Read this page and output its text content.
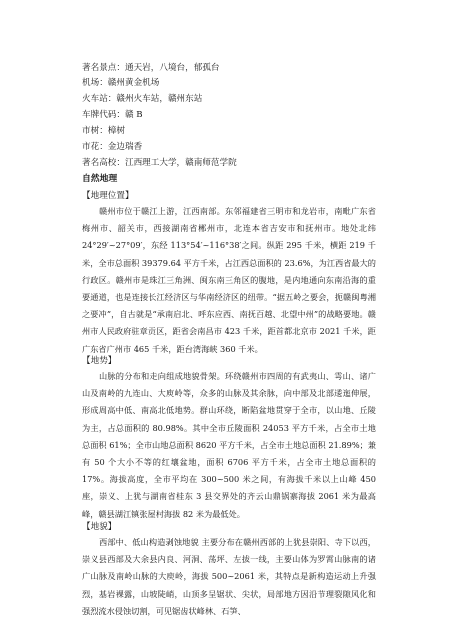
著名景点：通天岩，八境台，郁孤台
机场：赣州黄金机场
火车站：赣州火车站，赣州东站
车牌代码：赣 B
市树：樟树
市花：金边瑞香
著名高校：江西理工大学，赣南师范学院
自然地理
【地理位置】

赣州市位于赣江上游，江西南部。东邻福建省三明市和龙岩市，南毗广东省梅州市、韶关市，西接湖南省郴州市，北连本省吉安市和抚州市。地处北纬 24°29′~27°09′，东经 113°54′~116°38′之间。纵距 295 千米，横距 219 千米，全市总面积 39379.64 平方千米，占江西总面积的 23.6%，为江西省最大的行政区。赣州市是珠江三角洲、闽东南三角区的腹地，是内地通向东南沿海的重要通道，也是连接长江经济区与华南经济区的纽带。“据五岭之要会，扼赣闽粤湘之要冲”，自古就是“承南启北、呼东应西、南抚百越、北望中州”的战略要地。赣州市人民政府驻章贡区，距省会南昌市 423 千米，距首都北京市 2021 千米，距广东省广州市 465 千米，距台湾海峡 360 千米。

【地势】

山脉的分布和走向组成地貌骨架。环绕赣州市四周的有武夷山、雩山、诸广山及南岭的九连山、大庾岭等，众多的山脉及其余脉，向中部及北部逶迤伸展，形成周高中低、南高北低地势。群山环绕，断陷盆地贯穿于全市，以山地、丘陵为主，占总面积的 80.98%。其中全市丘陵面积 24053 平方千米，占全市土地总面积 61%；全市山地总面积 8620 平方千米，占全市土地总面积 21.89%；兼有 50 个大小不等的红壤盆地，面积 6706 平方千米，占全市土地总面积的 17%。海拔高度，全市平均在 300~500 米之间，有海拔千米以上山峰 450 座，崇义、上犹与湖南省桂东 3 县交界处的齐云山鼎锅寨海拔 2061 米为最高峰，赣县湖江镇张屋村海拔 82 米为最低处。

【地貌】

西部中、低山构造剥蚀地貌 主要分布在赣州西部的上犹县崇阳、寺下以西，崇义县西部及大余县内良、河洞、荡坪、左拔一线，主要山体为罗霄山脉南的诸广山脉及南岭山脉的大庾岭，海拔 500~2061 米，其特点是新构造运动上升强烈，基岩裸露，山坡陡峭，山顶多呈锯状、尖状，局部地方因沿节理裂隙风化和强烈流水侵蚀切割，可见锯齿状峰林、石笋、
